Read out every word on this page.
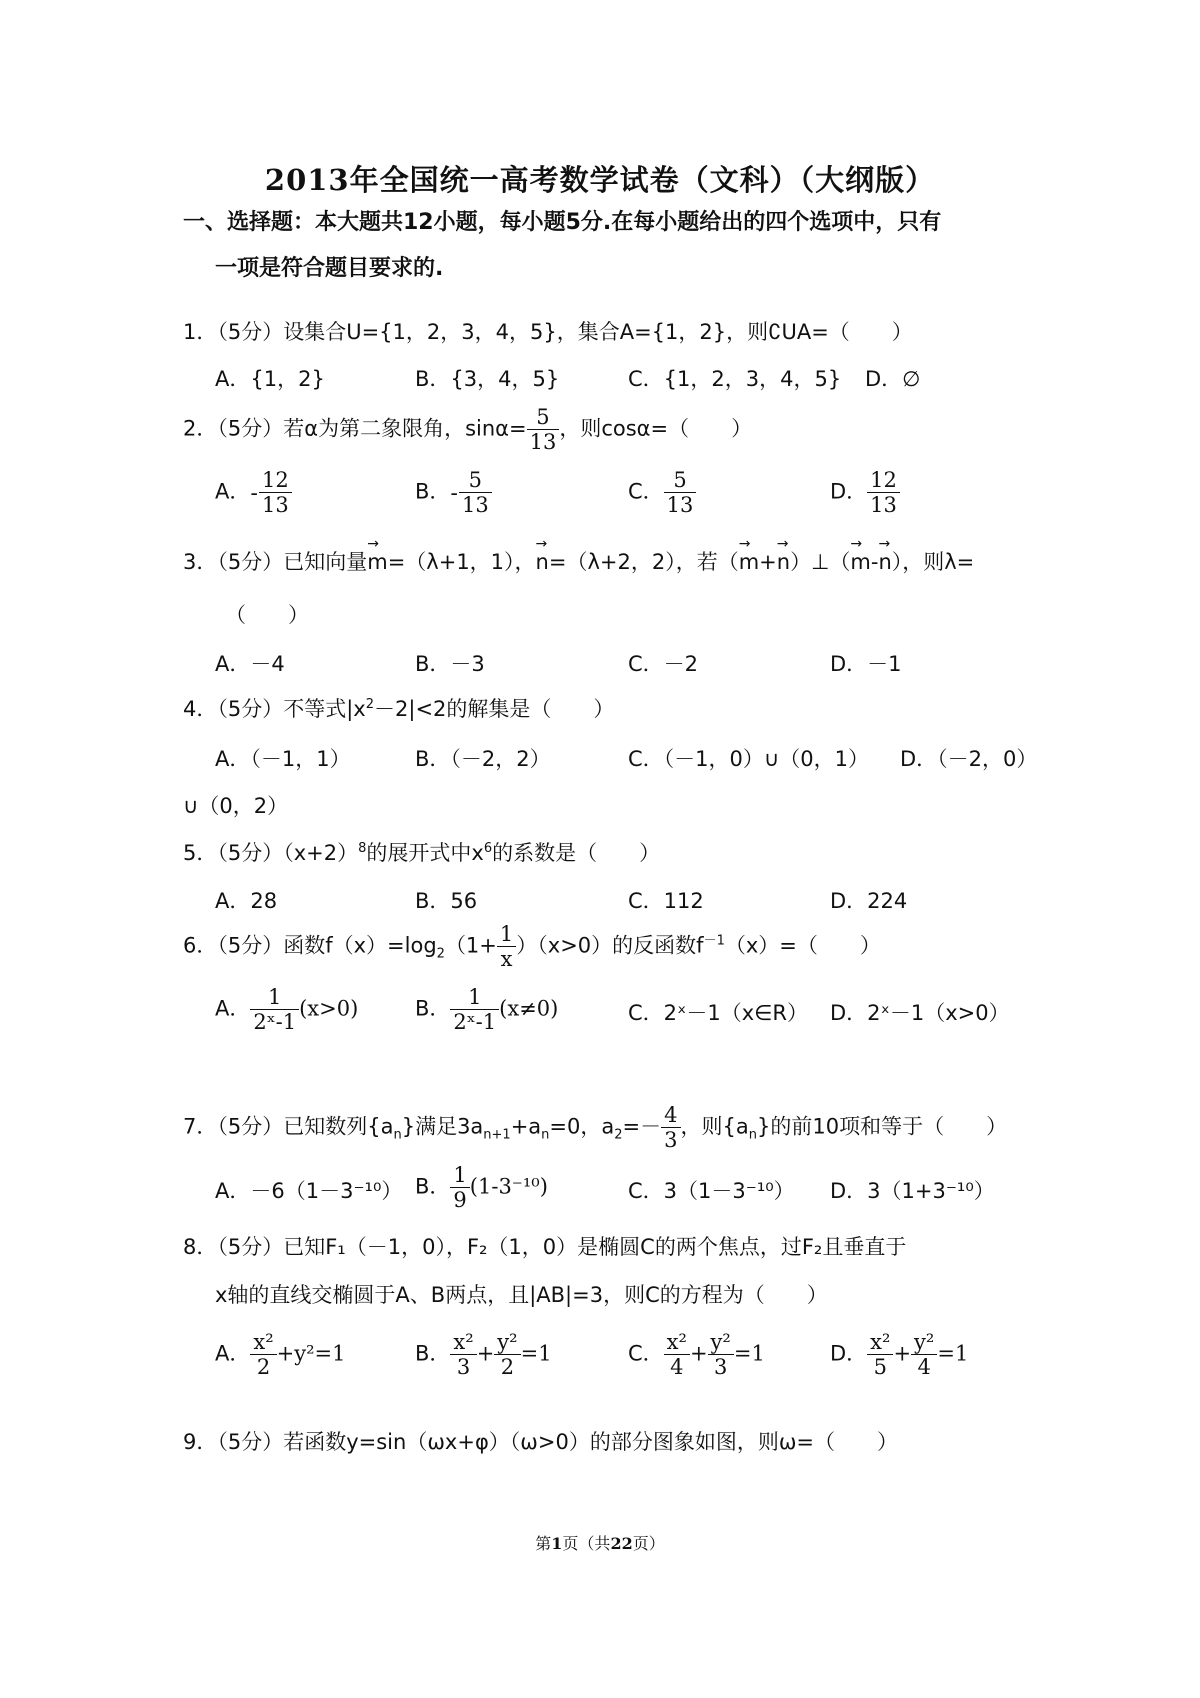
2013年全国统一高考数学试卷（文科）（大纲版）
一、选择题：本大题共12小题，每小题5分.在每小题给出的四个选项中，只有
一项是符合题目要求的.
1．（5分）设集合U={1，2，3，4，5}，集合A={1，2}，则∁UA=（　　）
A．{1，2}	B．{3，4，5}	C．{1，2，3，4，5} D．∅
2．（5分）若α为第二象限角，$\sin\alpha= \frac{5}{13}$ ，则cosα=（　　）
A．- $\frac{12}{13}$	B．- $\frac{5}{13}$	C． $\frac{5}{13}$	D． $\frac{12}{13}$
3．（5分）已知向量→ m=（λ+1，1），→ n=（λ+2，2），若（→ m+→ n）⊥（→ m-→ n），则λ=
（　　）
A．－4	B．－3	C．－2	D．－1
4．（5分）不等式$|x^2-2|<2$的解集是（　　）
A．（－1，1）	B．（－2，2）	C．（－1，0）∪（0，1） D．（－2，0）
∪（0，2）
5．（5分）$(x+2)^8$的展开式中$x^6$的系数是（　　）
A．28	B．56	C．112	D．224
6．（5分）函数$f(x)=\log_2(1+ \frac{1}{x} )(x>0)$的反函数$f^{-1}(x)=$（　　）
A． $\frac{1}{\text{2ˣ-1}} (x>0)$	B． $\frac{1}{\text{2ˣ-1}} (x\ne 0)$	C．2ˣ－1（x∈R） D．2ˣ－1（x>0）
7．（5分）已知数列$\{a_n\}$满足$3a_{n+1}+a_n=0$，$a_2=- \frac{4}{3}$ ，则$\{a_n\}$的前10项和等于（　　）
A．－6（1－3⁻¹⁰） B． $\frac{1}{9} (1-3^{-10})$	C．3（1－3⁻¹⁰） D．3（1+3⁻¹⁰）
8．（5分）已知F₁（－1，0），F₂（1，0）是椭圆C的两个焦点，过F₂且垂直于
x轴的直线交椭圆于A、B两点，且|AB|=3，则C的方程为（　　）
A． $\frac{\text{x²}}{2} +y^2=1$	B． $\frac{\text{x²}}{3} + \frac{\text{y²}}{2} =1$	C． $\frac{\text{x²}}{4} + \frac{\text{y²}}{3} =1$	D． $\frac{\text{x²}}{5} + \frac{\text{y²}}{4} =1$
9．（5分）若函数y=sin（ωx+φ）（ω>0）的部分图象如图，则ω=（　　）
第1页（共22页）
